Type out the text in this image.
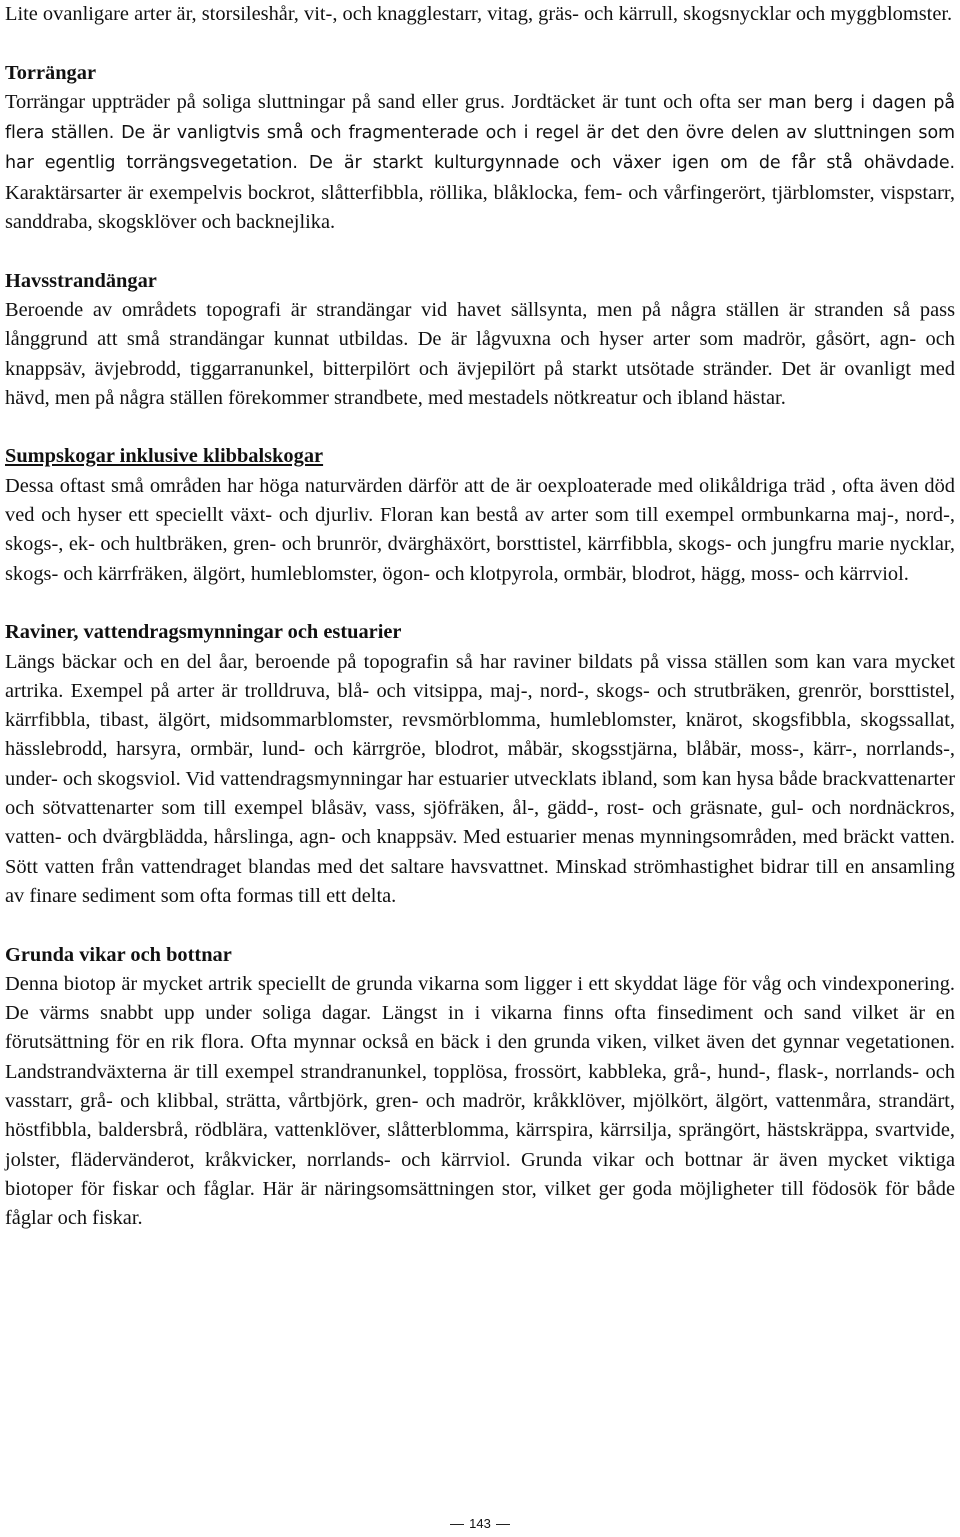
Lite ovanligare arter är, storsileshår, vit-, och knagglestarr, vitag, gräs- och kärrull, skogsnycklar och myggblomster.

Torrängar

Torrängar uppträder på soliga sluttningar på sand eller grus. Jordtäcket är tunt och ofta ser man berg i dagen på flera ställen. De är vanligtvis små och fragmenterade och i regel är det den övre delen av sluttningen som har egentlig torrängsvegetation. De är starkt kulturgynnade och växer igen om de får stå ohävdade. Karaktärsarter är exempelvis bockrot, slåtterfibbla, röllika, blåklocka, fem- och vårfingerört, tjärblomster, vispstarr, sanddraba, skogsklöver och backnejlika.

Havsstrandängar

Beroende av områdets topografi är strandängar vid havet sällsynta, men på några ställen är stranden så pass långgrund att små strandängar kunnat utbildas. De är lågvuxna och hyser arter som madrör, gåsört, agn- och knappsäv, ävjebrodd, tiggarranunkel, bitterpilört och ävjepilört på starkt utsötade stränder. Det är ovanligt med hävd, men på några ställen förekommer strandbete, med mestadels nötkreatur och ibland hästar.

Sumpskogar inklusive klibbalskogar

Dessa oftast små områden har höga naturvärden därför att de är oexploaterade med olikåldriga träd , ofta även död ved och hyser ett speciellt växt- och djurliv. Floran kan bestå av arter som till exempel ormbunkarna maj-, nord-, skogs-, ek- och hultbräken, gren- och brunrör, dvärghäxört, borsttistel, kärrfibbla, skogs- och jungfru marie nycklar, skogs- och kärrfräken, älgört, humleblomster, ögon- och klotpyrola, ormbär, blodrot, hägg, moss- och kärrviol.

Raviner, vattendragsmynningar och estuarier

Längs bäckar och en del åar, beroende på topografin så har raviner bildats på vissa ställen som kan vara mycket artrika. Exempel på arter är trolldruva, blå- och vitsippa, maj-, nord-, skogs- och strutbräken, grenrör, borsttistel, kärrfibbla, tibast, älgört, midsommarblomster, revsmörblomma, humleblomster, knärot, skogsfibbla, skogssallat, hässlebrodd, harsyra, ormbär, lund- och kärrgröe, blodrot, måbär, skogsstjärna, blåbär, moss-, kärr-, norrlands-, under- och skogsviol. Vid vattendragsmynningar har estuarier utvecklats ibland, som kan hysa både brackvattenarter och sötvattenarter som till exempel blåsäv, vass, sjöfräken, ål-, gädd-, rost- och gräsnate, gul- och nordnäckros, vatten- och dvärgblädda, hårslinga, agn- och knappsäv. Med estuarier menas mynningsområden, med bräckt vatten. Sött vatten från vattendraget blandas med det saltare havsvattnet. Minskad strömhastighet bidrar till en ansamling av finare sediment som ofta formas till ett delta.

Grunda vikar och bottnar

Denna biotop är mycket artrik speciellt de grunda vikarna som ligger i ett skyddat läge för våg och vindexponering. De värms snabbt upp under soliga dagar. Längst in i vikarna finns ofta finsediment och sand vilket är en förutsättning för en rik flora. Ofta mynnar också en bäck i den grunda viken, vilket även det gynnar vegetationen. Landstrandväxterna är till exempel strandranunkel, topplösa, frossört, kabbleka, grå-, hund-, flask-, norrlands- och vasstarr, grå- och klibbal, strätta, vårtbjörk, gren- och madrör, kråkklöver, mjölkört, älgört, vattenmåra, strandärt, höstfibbla, baldersbrå, rödblära, vattenklöver, slåtterblomma, kärrspira, kärrsilja, sprängört, hästskräppa, svartvide, jolster, flädervänderot, kråkvicker, norrlands- och kärrviol. Grunda vikar och bottnar är även mycket viktiga biotoper för fiskar och fåglar. Här är näringsomsättningen stor, vilket ger goda möjligheter till födosök för både fåglar och fiskar.

143
